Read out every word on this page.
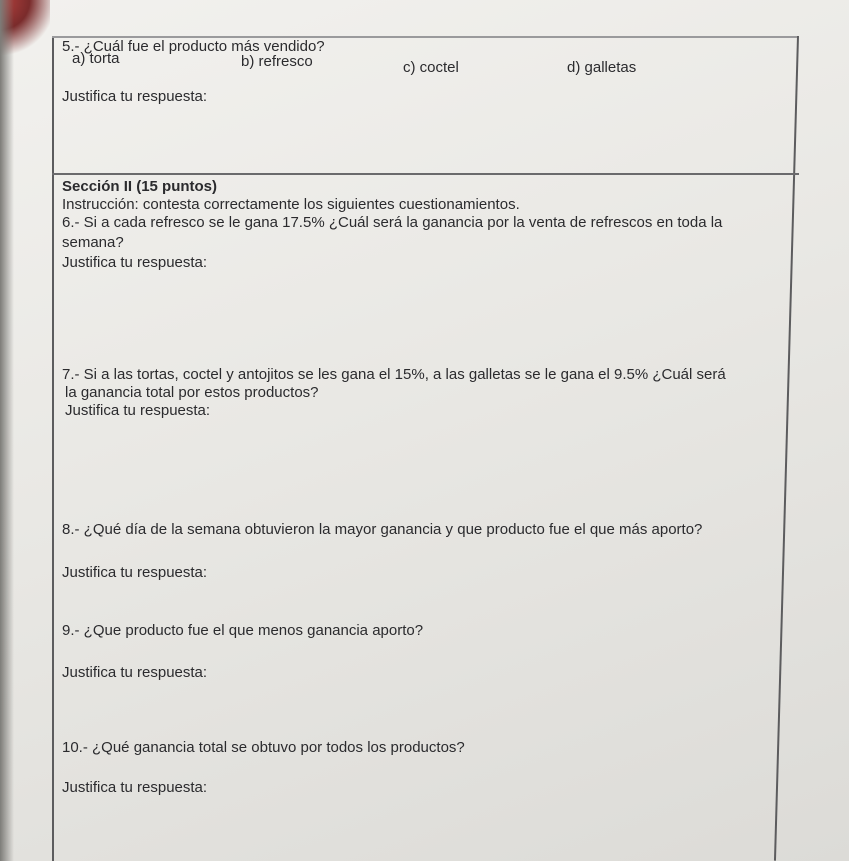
5.- ¿Cuál fue el producto más vendido?
a) torta	b) refresco	c) coctel	d) galletas
Justifica tu respuesta:
Sección II (15 puntos)
Instrucción: contesta correctamente los siguientes cuestionamientos.
6.- Si a cada refresco se le gana 17.5% ¿Cuál será la ganancia por la venta de refrescos en toda la
semana?
Justifica tu respuesta:
7.- Si a las tortas, coctel y antojitos se les gana el 15%, a las galletas se le gana el 9.5% ¿Cuál será
la ganancia total por estos productos?
Justifica tu respuesta:
8.- ¿Qué día de la semana obtuvieron la mayor ganancia y que producto fue el que más aporto?
Justifica tu respuesta:
9.- ¿Que producto fue el que menos ganancia aporto?
Justifica tu respuesta:
10.- ¿Qué ganancia total se obtuvo por todos los productos?
Justifica tu respuesta:
